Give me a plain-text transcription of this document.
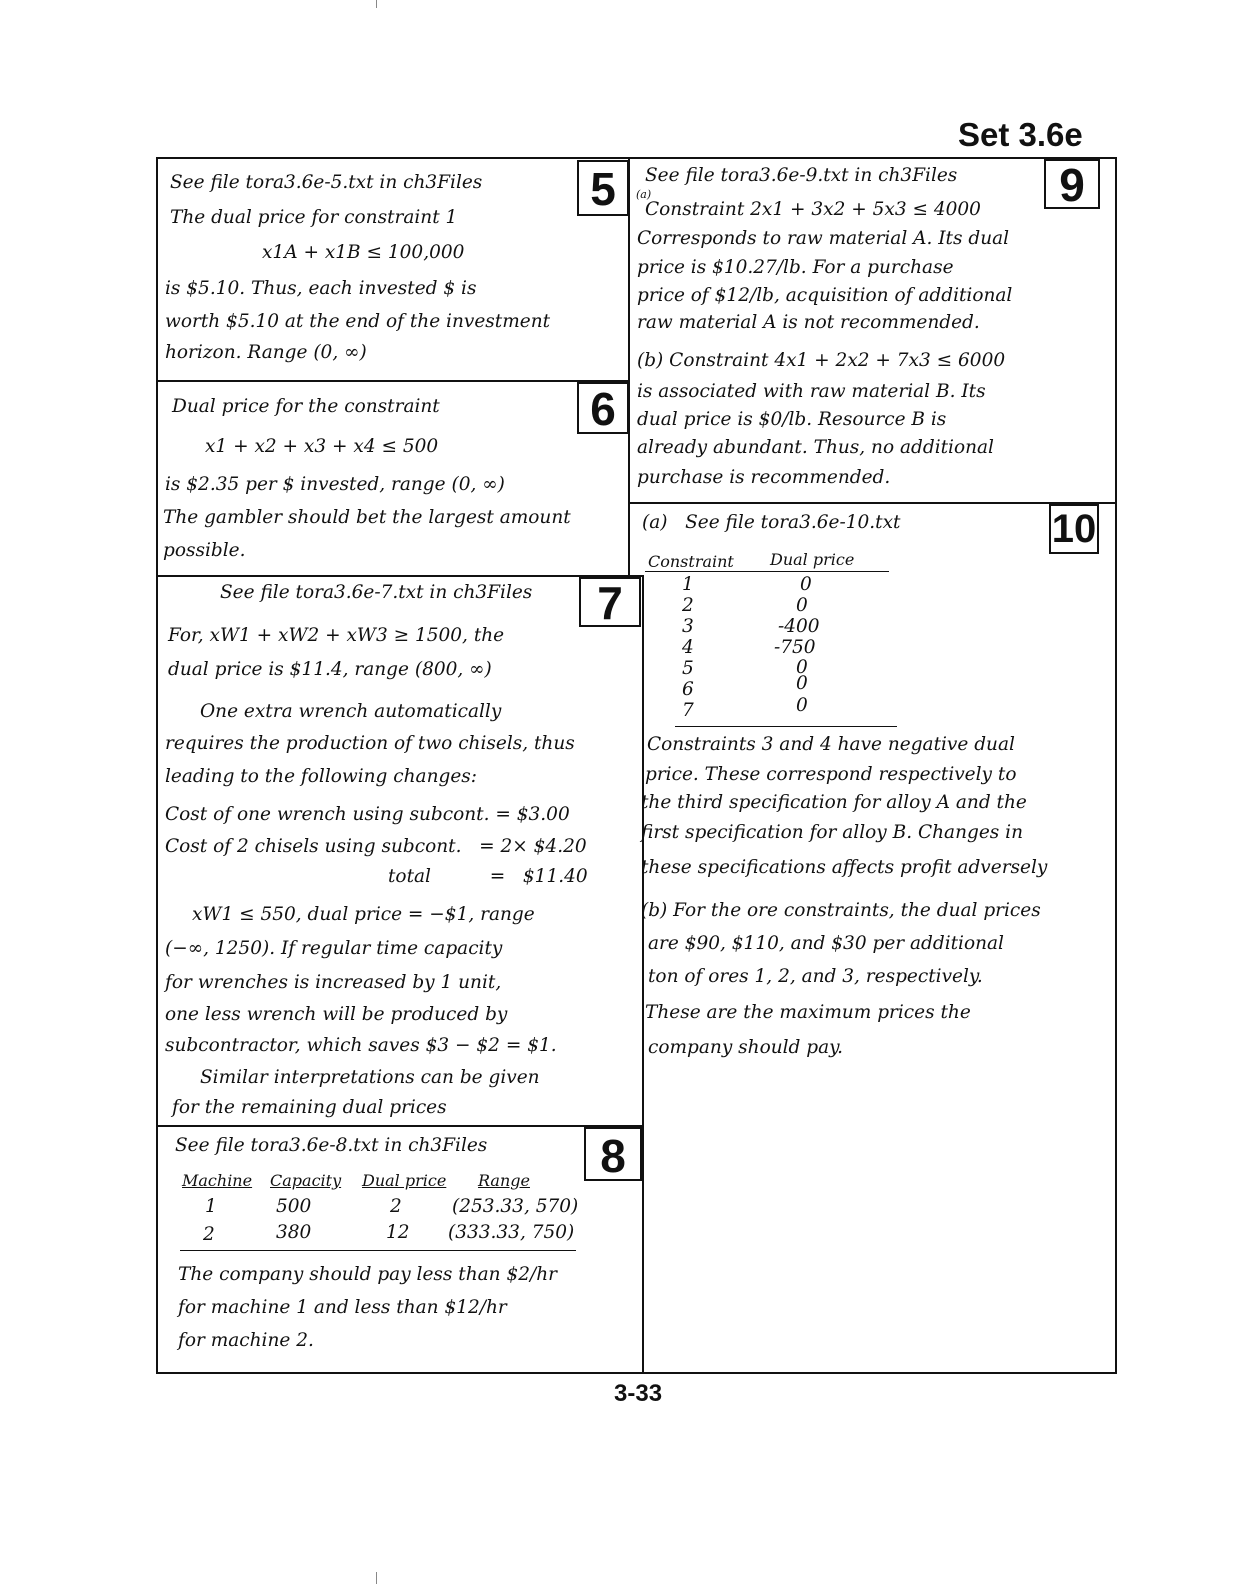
Set 3.6e
3-33
5
6
7
8
9
10
See file tora3.6e-5.txt in ch3Files
The dual price for constraint 1
x1A + x1B ≤ 100,000
is $5.10. Thus, each invested $ is
worth $5.10 at the end of the investment
horizon. Range (0, ∞)
Dual price for the constraint
x1 + x2 + x3 + x4 ≤ 500
is $2.35 per $ invested, range (0, ∞)
The gambler should bet the largest amount
possible.
See file tora3.6e-7.txt in ch3Files
For, xW1 + xW2 + xW3 ≥ 1500, the
dual price is $11.4, range (800, ∞)
One extra wrench automatically
requires the production of two chisels, thus
leading to the following changes:
Cost of one wrench using subcont. = $3.00
Cost of 2 chisels using subcont.   = 2× $4.20
total          =   $11.40
xW1 ≤ 550, dual price = −$1, range
(−∞, 1250). If regular time capacity
for wrenches is increased by 1 unit,
one less wrench will be produced by
subcontractor, which saves $3 − $2 = $1.
Similar interpretations can be given
for the remaining dual prices
See file tora3.6e-8.txt in ch3Files
Machine Capacity Dual price Range
1	500	2	(253.33, 570)
2	380	12 (333.33, 750)
The company should pay less than $2/hr
for machine 1 and less than $12/hr
for machine 2.
See file tora3.6e-9.txt in ch3Files
(a)
Constraint 2x1 + 3x2 + 5x3 ≤ 4000
Corresponds to raw material A. Its dual
price is $10.27/lb. For a purchase
price of $12/lb, acquisition of additional
raw material A is not recommended.
(b) Constraint 4x1 + 2x2 + 7x3 ≤ 6000
is associated with raw material B. Its
dual price is $0/lb. Resource B is
already abundant. Thus, no additional
purchase is recommended.
(a)   See file tora3.6e-10.txt
Constraint Dual price
1	0
2	0
3	-400
4	-750
5	0
6	0
7	0
Constraints 3 and 4 have negative dual
price. These correspond respectively to
the third specification for alloy A and the
first specification for alloy B. Changes in
these specifications affects profit adversely
(b) For the ore constraints, the dual prices
are $90, $110, and $30 per additional
ton of ores 1, 2, and 3, respectively.
These are the maximum prices the
company should pay.
